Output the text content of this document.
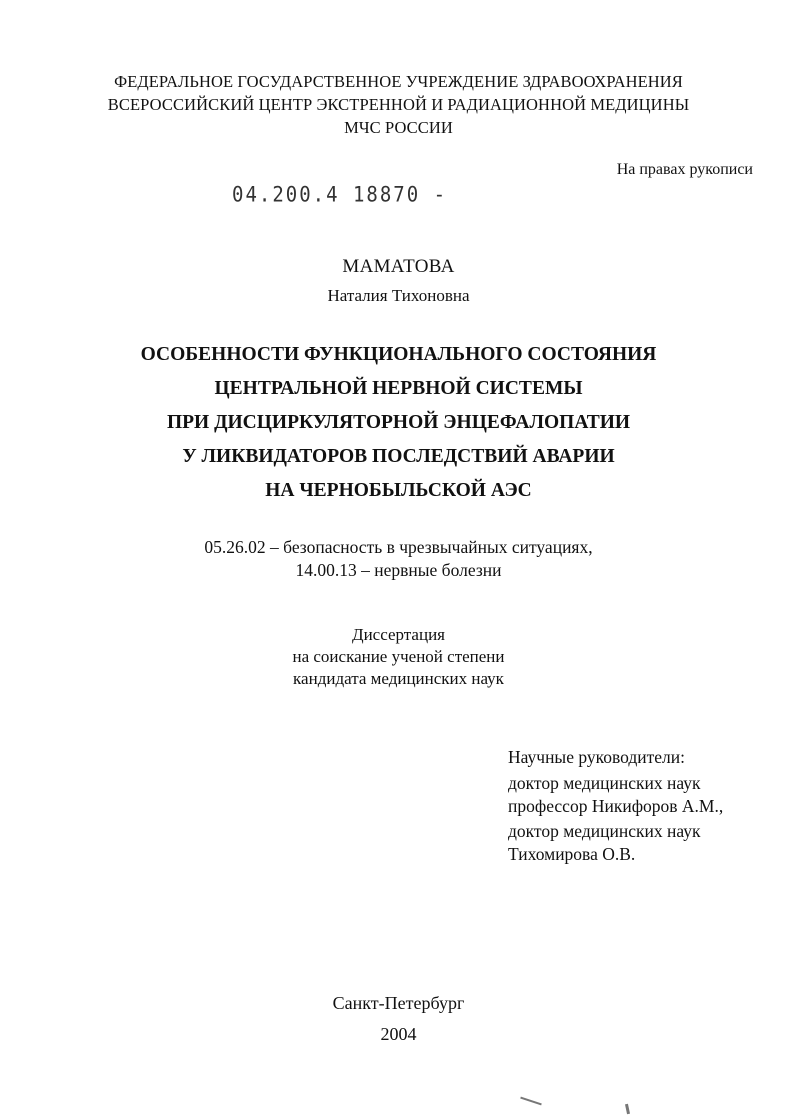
ФЕДЕРАЛЬНОЕ ГОСУДАРСТВЕННОЕ УЧРЕЖДЕНИЕ ЗДРАВООХРАНЕНИЯ
ВСЕРОССИЙСКИЙ ЦЕНТР ЭКСТРЕННОЙ И РАДИАЦИОННОЙ МЕДИЦИНЫ
МЧС РОССИИ
На правах рукописи
04.200.4 18870 -
МАМАТОВА
Наталия Тихоновна
ОСОБЕННОСТИ ФУНКЦИОНАЛЬНОГО СОСТОЯНИЯ
ЦЕНТРАЛЬНОЙ НЕРВНОЙ СИСТЕМЫ
ПРИ ДИСЦИРКУЛЯТОРНОЙ ЭНЦЕФАЛОПАТИИ
У ЛИКВИДАТОРОВ ПОСЛЕДСТВИЙ АВАРИИ
НА ЧЕРНОБЫЛЬСКОЙ АЭС
05.26.02 – безопасность в чрезвычайных ситуациях,
14.00.13 – нервные болезни
Диссертация
на соискание ученой степени
кандидата медицинских наук
Научные руководители:
доктор медицинских наук
профессор Никифоров А.М.,
доктор медицинских наук
Тихомирова О.В.
Санкт-Петербург
2004
